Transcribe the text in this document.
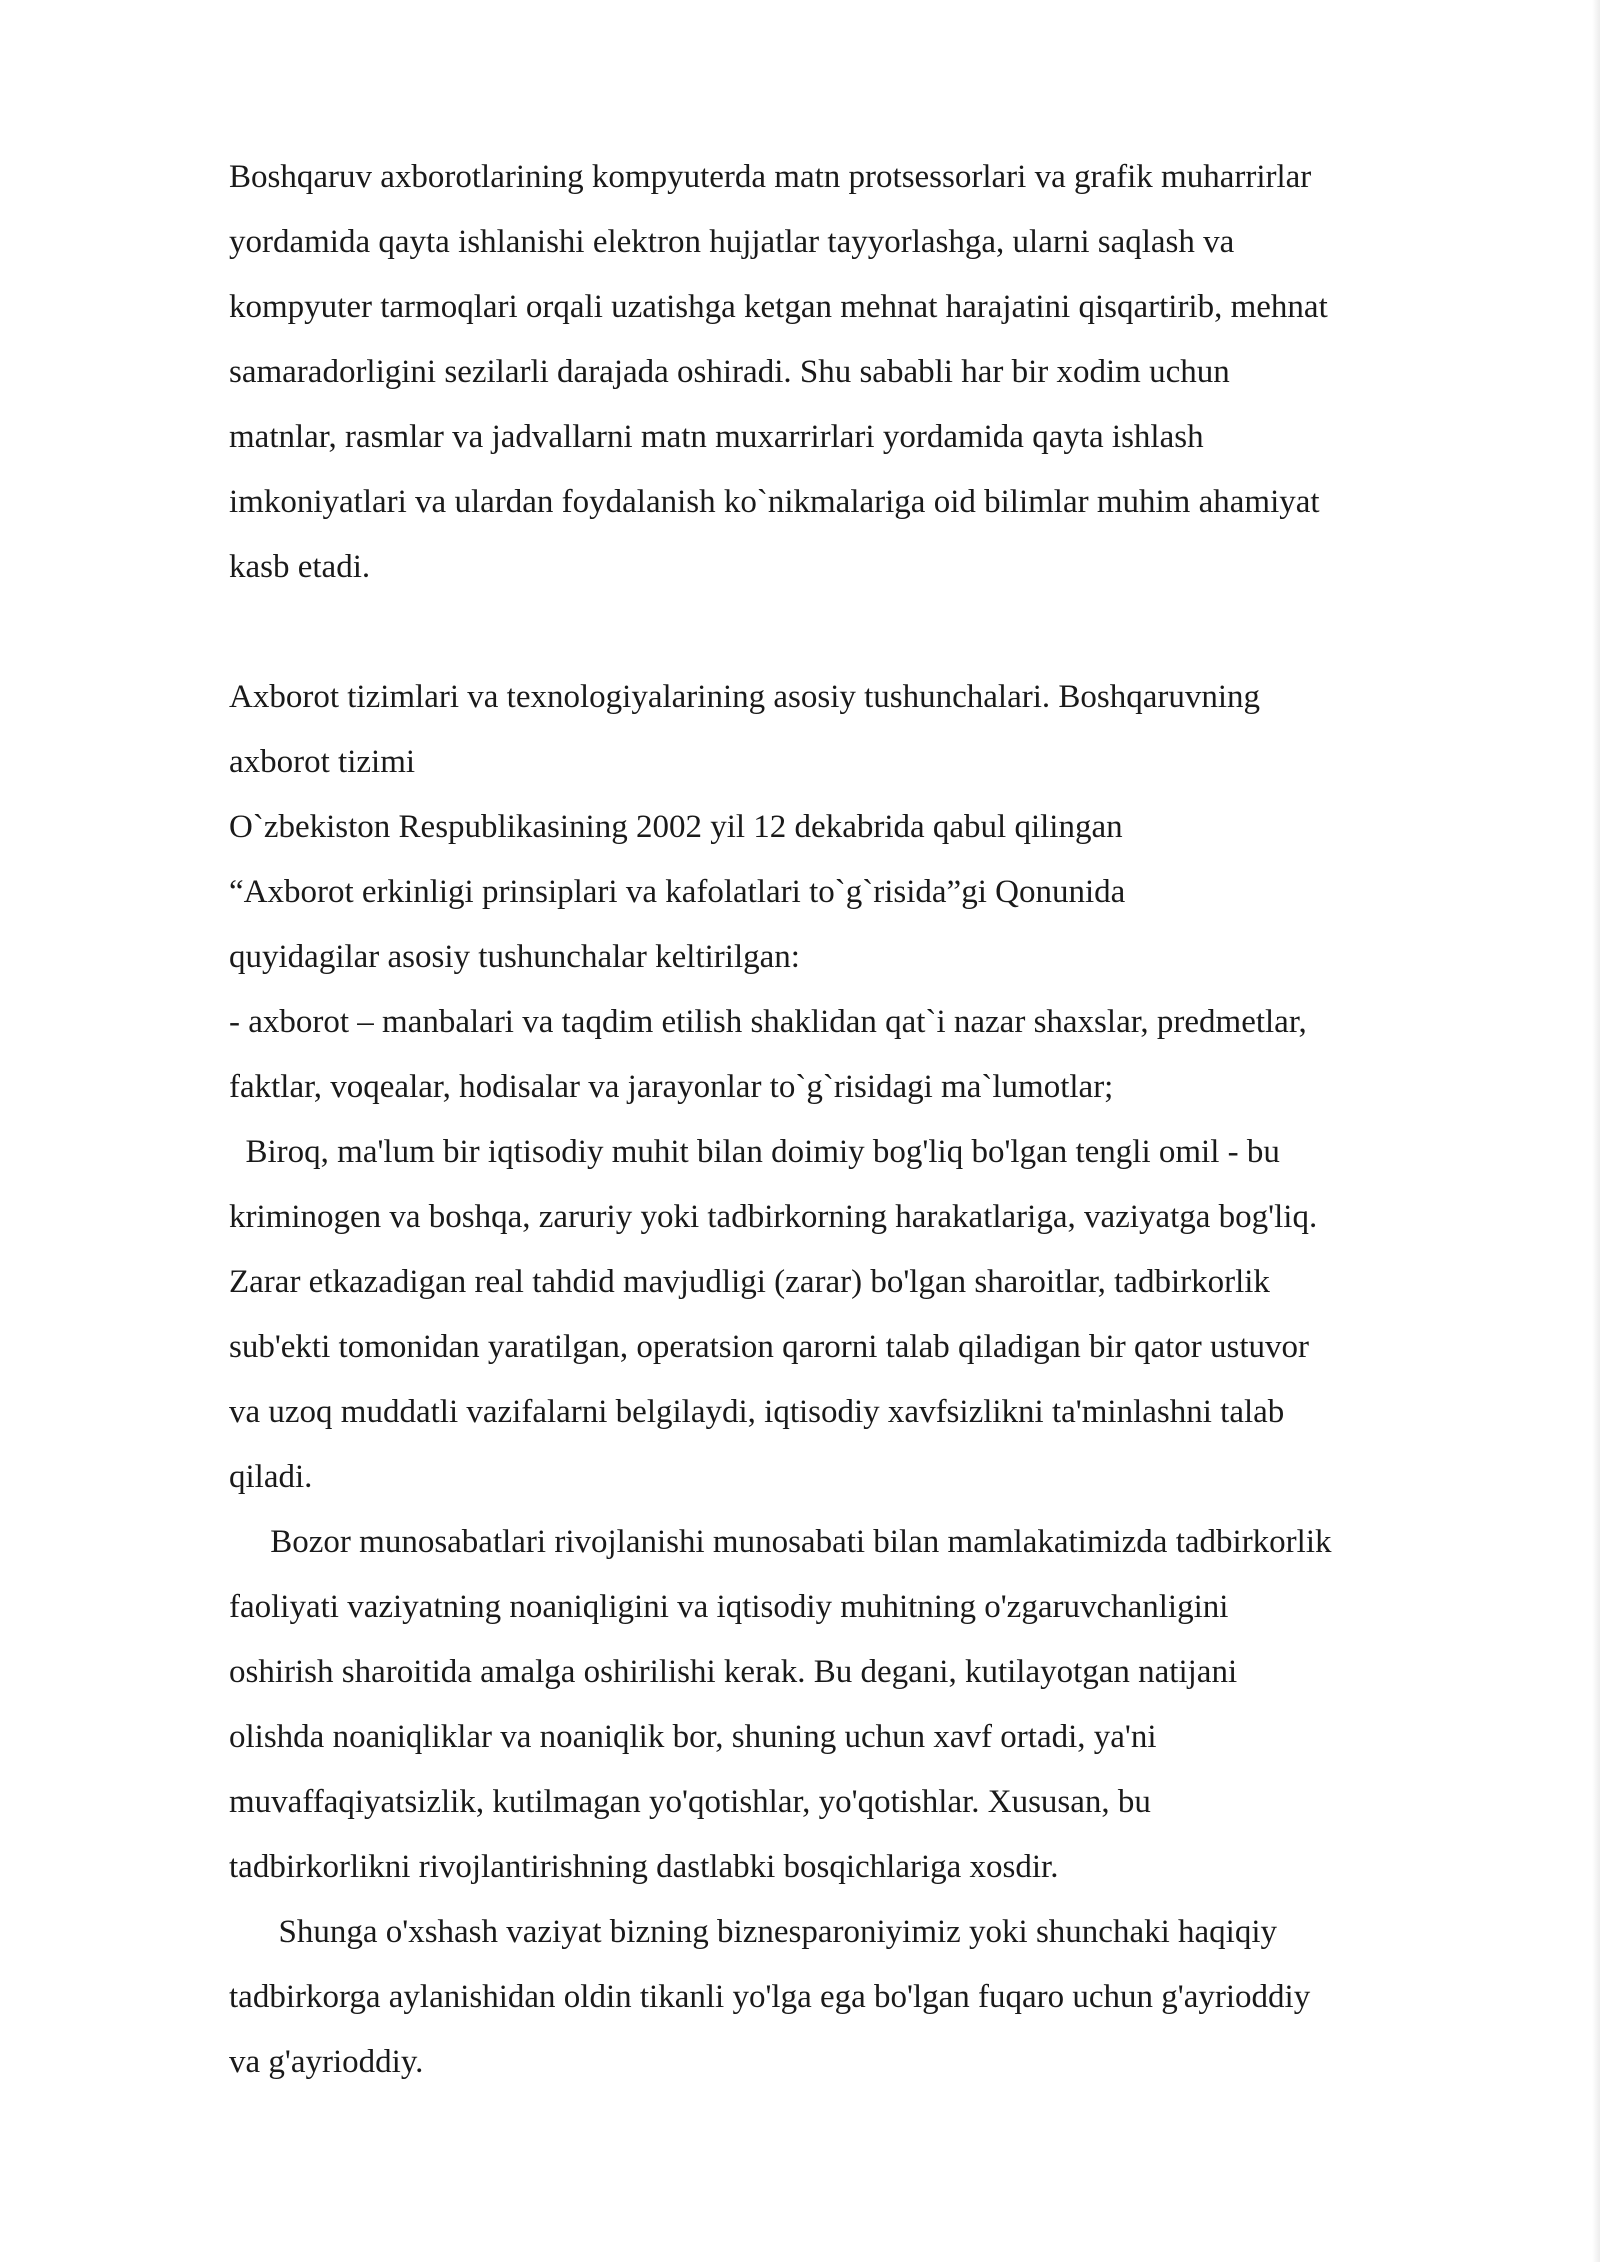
Boshqaruv axborotlarining kompyuterda matn protsessorlari va grafik muharrirlar
yordamida qayta ishlanishi elektron hujjatlar tayyorlashga, ularni saqlash va
kompyuter tarmoqlari orqali uzatishga ketgan mehnat harajatini qisqartirib, mehnat
samaradorligini sezilarli darajada oshiradi. Shu sababli har bir xodim uchun
matnlar, rasmlar va jadvallarni matn muxarrirlari yordamida qayta ishlash
imkoniyatlari va ulardan foydalanish ko`nikmalariga oid bilimlar muhim ahamiyat
kasb etadi.
Axborot tizimlari va texnologiyalarining asosiy tushunchalari. Boshqaruvning
axborot tizimi
O`zbekiston Respublikasining 2002 yil 12 dekabrida qabul qilingan
“Axborot erkinligi prinsiplari va kafolatlari to`g`risida”gi Qonunida
quyidagilar asosiy tushunchalar keltirilgan:
- axborot – manbalari va taqdim etilish shaklidan qat`i nazar shaxslar, predmetlar,
faktlar, voqealar, hodisalar va jarayonlar to`g`risidagi ma`lumotlar;
Biroq, ma'lum bir iqtisodiy muhit bilan doimiy bog'liq bo'lgan tengli omil - bu
kriminogen va boshqa, zaruriy yoki tadbirkorning harakatlariga, vaziyatga bog'liq.
Zarar etkazadigan real tahdid mavjudligi (zarar) bo'lgan sharoitlar, tadbirkorlik
sub'ekti tomonidan yaratilgan, operatsion qarorni talab qiladigan bir qator ustuvor
va uzoq muddatli vazifalarni belgilaydi, iqtisodiy xavfsizlikni ta'minlashni talab
qiladi.
Bozor munosabatlari rivojlanishi munosabati bilan mamlakatimizda tadbirkorlik
faoliyati vaziyatning noaniqligini va iqtisodiy muhitning o'zgaruvchanligini
oshirish sharoitida amalga oshirilishi kerak. Bu degani, kutilayotgan natijani
olishda noaniqliklar va noaniqlik bor, shuning uchun xavf ortadi, ya'ni
muvaffaqiyatsizlik, kutilmagan yo'qotishlar, yo'qotishlar. Xususan, bu
tadbirkorlikni rivojlantirishning dastlabki bosqichlariga xosdir.
Shunga o'xshash vaziyat bizning biznesparoniyimiz yoki shunchaki haqiqiy
tadbirkorga aylanishidan oldin tikanli yo'lga ega bo'lgan fuqaro uchun g'ayrioddiy
va g'ayrioddiy.
